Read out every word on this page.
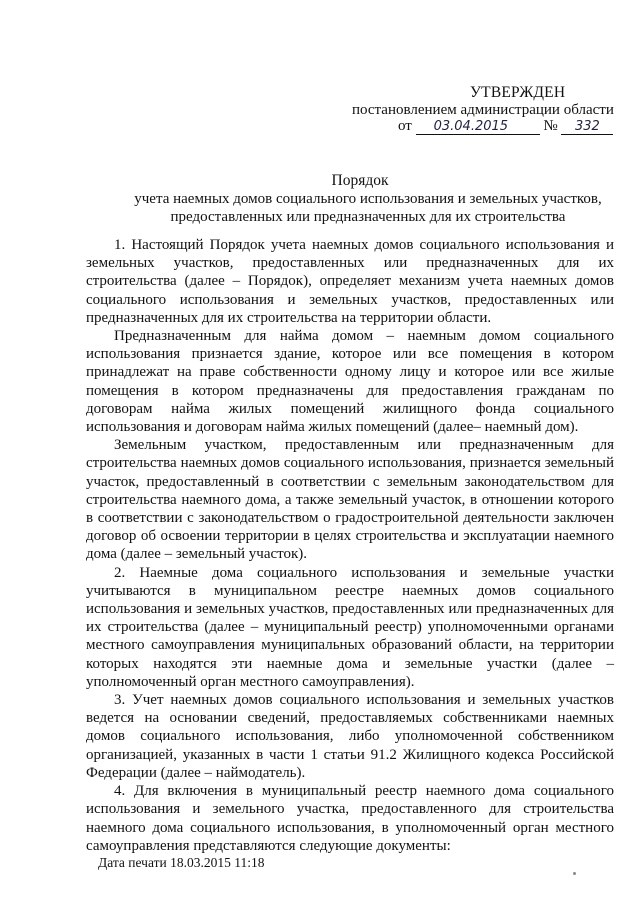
УТВЕРЖДЕН
постановлением администрации области
от 03.04.2015 № 332
Порядок
учета наемных домов социального использования и земельных участков,
предоставленных или предназначенных для их строительства

1. Настоящий Порядок учета наемных домов социального использования и земельных участков, предоставленных или предназначенных для их строительства (далее – Порядок), определяет механизм учета наемных домов социального использования и земельных участков, предоставленных или предназначенных для их строительства на территории области.

Предназначенным для найма домом – наемным домом социального использования признается здание, которое или все помещения в котором принадлежат на праве собственности одному лицу и которое или все жилые помещения в котором предназначены для предоставления гражданам по договорам найма жилых помещений жилищного фонда социального использования и договорам найма жилых помещений (далее– наемный дом).

Земельным участком, предоставленным или предназначенным для строительства наемных домов социального использования, признается земельный участок, предоставленный в соответствии с земельным законодательством для строительства наемного дома, а также земельный участок, в отношении которого в соответствии с законодательством о градостроительной деятельности заключен договор об освоении территории в целях строительства и эксплуатации наемного дома (далее – земельный участок).

2. Наемные дома социального использования и земельные участки учитываются в муниципальном реестре наемных домов социального использования и земельных участков, предоставленных или предназначенных для их строительства (далее – муниципальный реестр) уполномоченными органами местного самоуправления муниципальных образований области, на территории которых находятся эти наемные дома и земельные участки (далее – уполномоченный орган местного самоуправления).

3. Учет наемных домов социального использования и земельных участков ведется на основании сведений, предоставляемых собственниками наемных домов социального использования, либо уполномоченной собственником организацией, указанных в части 1 статьи 91.2 Жилищного кодекса Российской Федерации (далее – наймодатель).

4. Для включения в муниципальный реестр наемного дома социального использования и земельного участка, предоставленного для строительства наемного дома социального использования, в уполномоченный орган местного самоуправления представляются следующие документы:

Дата печати 18.03.2015 11:18
